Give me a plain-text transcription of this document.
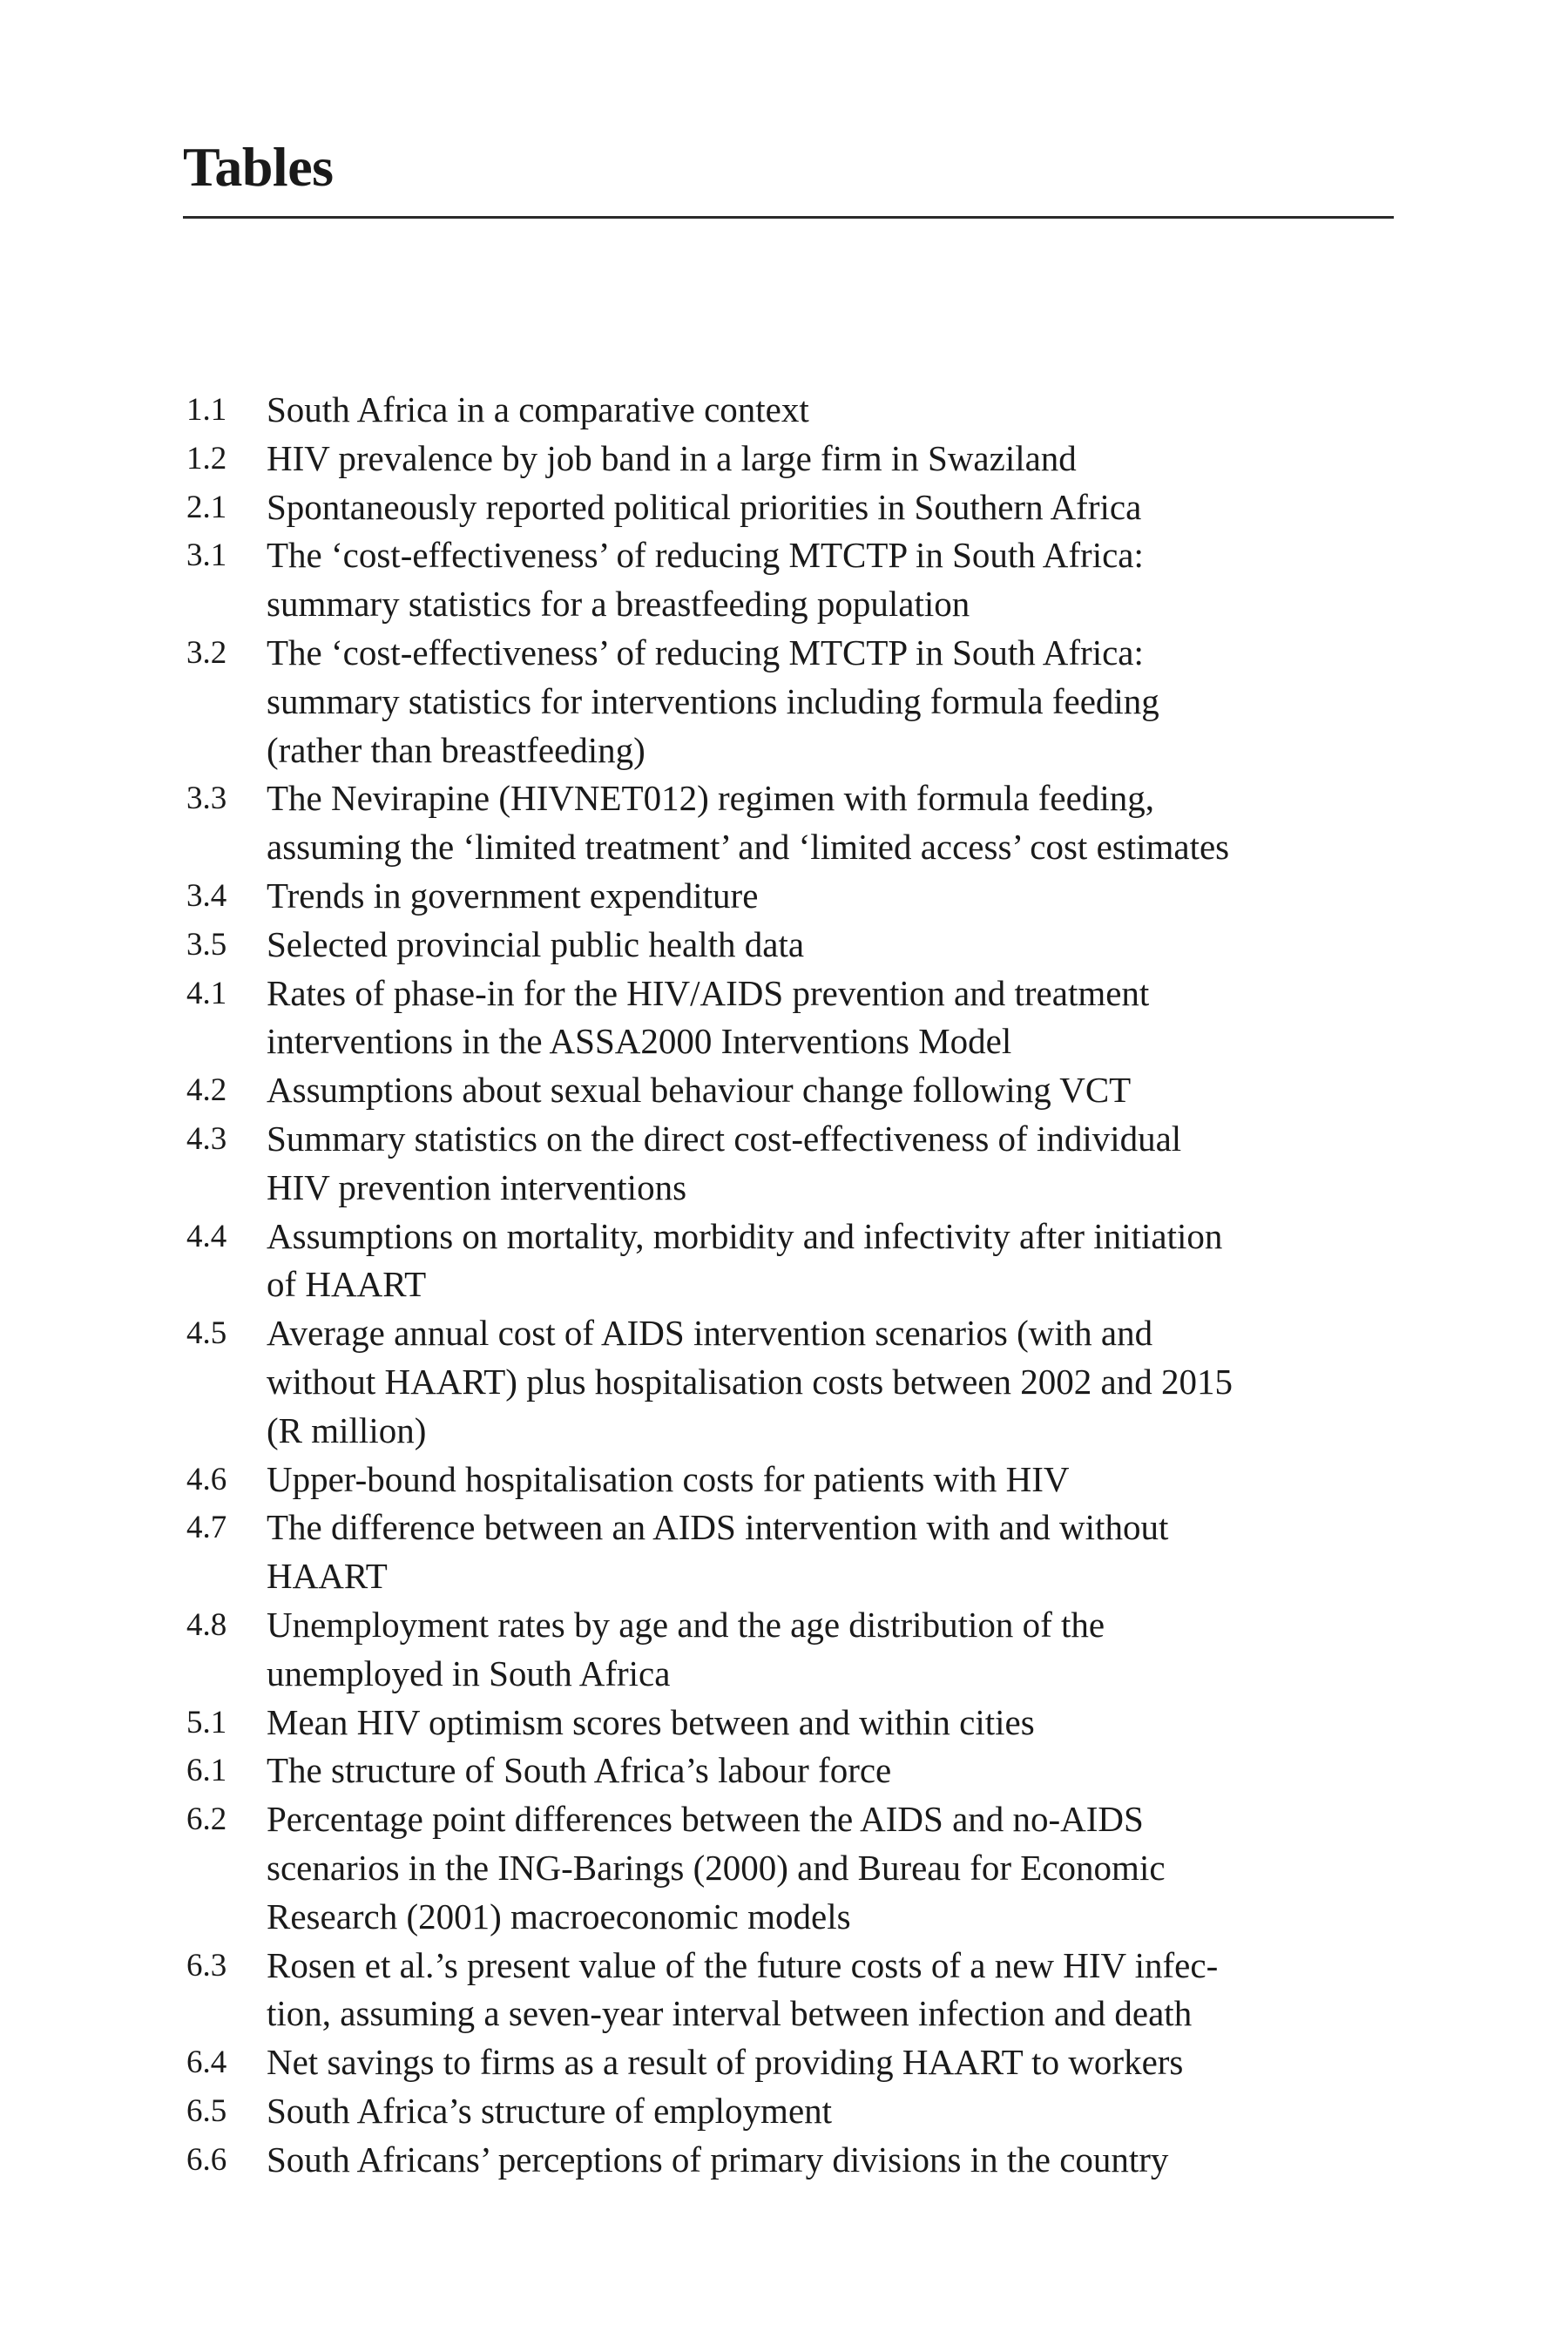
Tables
1.1	South Africa in a comparative context
1.2	HIV prevalence by job band in a large firm in Swaziland
2.1	Spontaneously reported political priorities in Southern Africa
3.1	The ‘cost-effectiveness’ of reducing MTCTP in South Africa:
summary statistics for a breastfeeding population
3.2	The ‘cost-effectiveness’ of reducing MTCTP in South Africa:
summary statistics for interventions including formula feeding
(rather than breastfeeding)
3.3	The Nevirapine (HIVNET012) regimen with formula feeding,
assuming the ‘limited treatment’ and ‘limited access’ cost estimates
3.4	Trends in government expenditure
3.5	Selected provincial public health data
4.1	Rates of phase-in for the HIV/AIDS prevention and treatment
interventions in the ASSA2000 Interventions Model
4.2	Assumptions about sexual behaviour change following VCT
4.3	Summary statistics on the direct cost-effectiveness of individual
HIV prevention interventions
4.4	Assumptions on mortality, morbidity and infectivity after initiation
of HAART
4.5	Average annual cost of AIDS intervention scenarios (with and
without HAART) plus hospitalisation costs between 2002 and 2015
(R million)
4.6	Upper-bound hospitalisation costs for patients with HIV
4.7	The difference between an AIDS intervention with and without
HAART
4.8	Unemployment rates by age and the age distribution of the
unemployed in South Africa
5.1	Mean HIV optimism scores between and within cities
6.1	The structure of South Africa’s labour force
6.2	Percentage point differences between the AIDS and no-AIDS
scenarios in the ING-Barings (2000) and Bureau for Economic
Research (2001) macroeconomic models
6.3	Rosen et al.’s present value of the future costs of a new HIV infec-
tion, assuming a seven-year interval between infection and death
6.4	Net savings to firms as a result of providing HAART to workers
6.5	South Africa’s structure of employment
6.6	South Africans’ perceptions of primary divisions in the country
